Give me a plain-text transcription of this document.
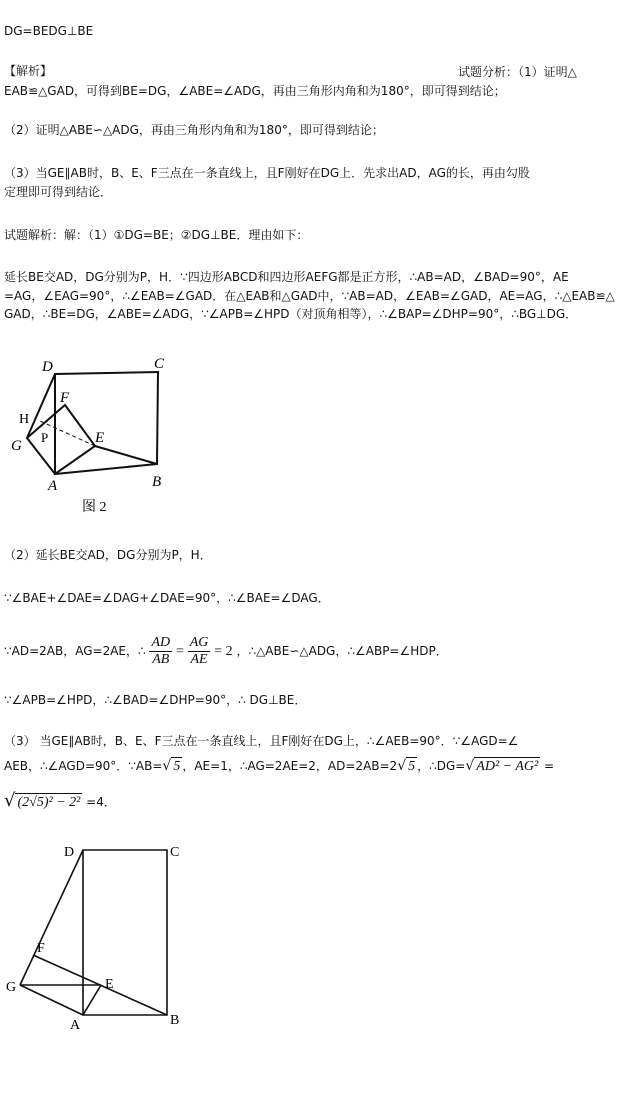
DG=BEDG⊥BE
【解析】	试题分析：（1）证明△
EAB≌△GAD，可得到BE=DG，∠ABE=∠ADG，再由三角形内角和为180°，即可得到结论；
（2）证明△ABE∽△ADG，再由三角形内角和为180°，即可得到结论；
（3）当GE∥AB时，B、E、F三点在一条直线上，且F刚好在DG上．先求出AD，AG的长，再由勾股
定理即可得到结论．
试题解析：解：（1）①DG=BE；②DG⊥BE．理由如下：
延长BE交AD，DG分别为P，H．∵四边形ABCD和四边形AEFG都是正方形，∴AB=AD，∠BAD=90°，AE
=AG，∠EAG=90°，∴∠EAB=∠GAD．在△EAB和△GAD中，∵AB=AD，∠EAB=∠GAD，AE=AG，∴△EAB≌△
GAD，∴BE=DG，∠ABE=∠ADG，∵∠APB=∠HPD（对顶角相等），∴∠BAP=∠DHP=90°，∴BG⊥DG．
D	C
F
H
G
P	E
A	B
图 2
（2）延长BE交AD，DG分别为P，H．
∵∠BAE+∠DAE=∠DAG+∠DAE=90°，∴∠BAE=∠DAG．
∵AD=2AB，AG=2AE，∴ $\frac{AD}{AB} = \frac{AG}{AE} = 2$ ，∴△ABE∽△ADG，∴∠ABP=∠HDP．
∵∠APB=∠HPD，∴∠BAD=∠DHP=90°，∴ DG⊥BE．
（3） 当GE∥AB时，B、E、F三点在一条直线上，且F刚好在DG上，∴∠AEB=90°．∵∠AGD=∠
AEB，∴∠AGD=90°．∵AB=√ 5 ，AE=1，∴AG=2AE=2，AD=2AB=2√ 5 ，∴DG=√ AD² − AG² =
√ (2√5)² − 2² =4．
D	C
F
G	E
A	B
